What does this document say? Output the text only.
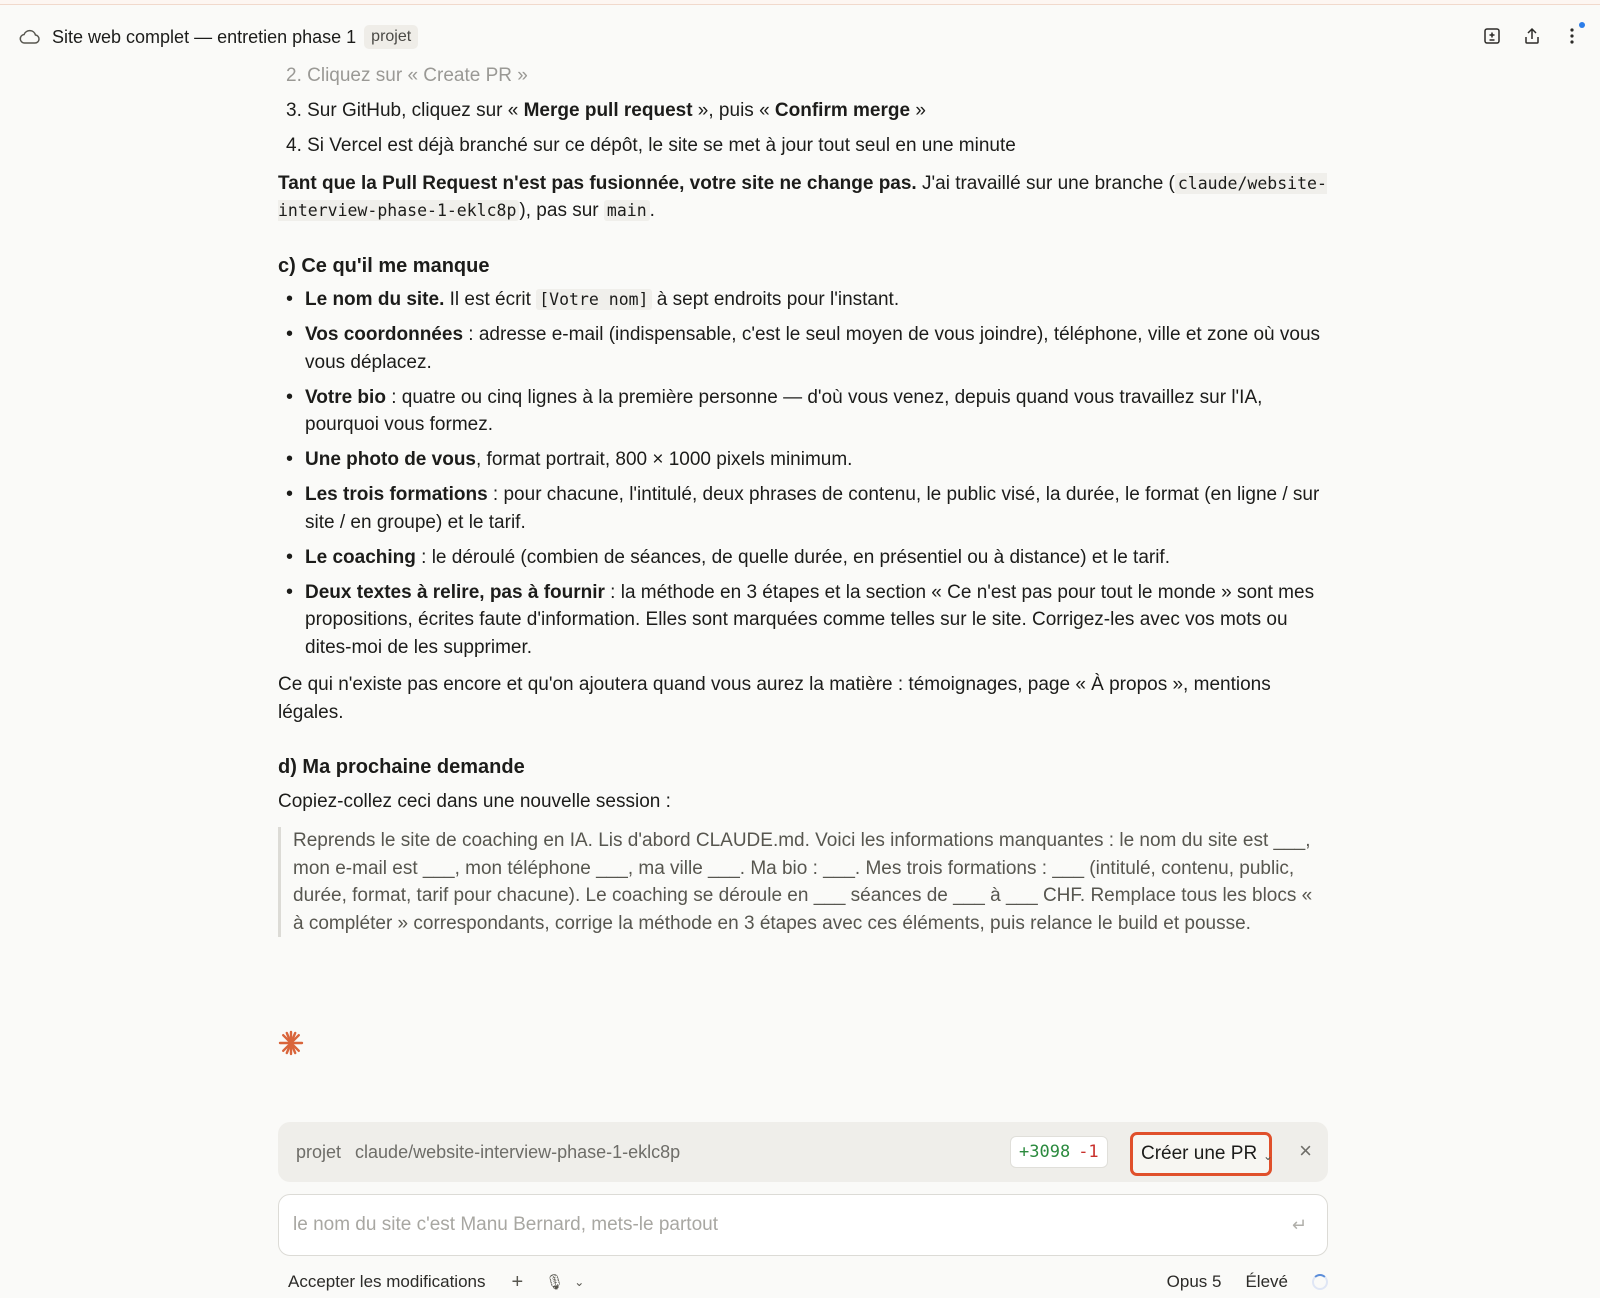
Site web complet — entretien phase 1 projet
2. Cliquez sur « Create PR »
3. Sur GitHub, cliquez sur « Merge pull request », puis « Confirm merge »
4. Si Vercel est déjà branché sur ce dépôt, le site se met à jour tout seul en une minute

Tant que la Pull Request n'est pas fusionnée, votre site ne change pas. J'ai travaillé sur une branche ( claude/website-interview-phase-1-eklc8p ), pas sur main .

c) Ce qu'il me manque
• Le nom du site. Il est écrit [Votre nom] à sept endroits pour l'instant.
• Vos coordonnées : adresse e-mail (indispensable, c'est le seul moyen de vous joindre), téléphone, ville et zone où vous vous déplacez.
• Votre bio : quatre ou cinq lignes à la première personne — d'où vous venez, depuis quand vous travaillez sur l'IA, pourquoi vous formez.
• Une photo de vous, format portrait, 800 × 1000 pixels minimum.
• Les trois formations : pour chacune, l'intitulé, deux phrases de contenu, le public visé, la durée, le format (en ligne / sur site / en groupe) et le tarif.
• Le coaching : le déroulé (combien de séances, de quelle durée, en présentiel ou à distance) et le tarif.
• Deux textes à relire, pas à fournir : la méthode en 3 étapes et la section « Ce n'est pas pour tout le monde » sont mes propositions, écrites faute d'information. Elles sont marquées comme telles sur le site. Corrigez-les avec vos mots ou dites-moi de les supprimer.

Ce qui n'existe pas encore et qu'on ajoutera quand vous aurez la matière : témoignages, page « À propos », mentions légales.

d) Ma prochaine demande

Copiez-collez ceci dans une nouvelle session :

Reprends le site de coaching en IA. Lis d'abord CLAUDE.md. Voici les informations manquantes : le nom du site est ___, mon e-mail est ___, mon téléphone ___, ma ville ___. Ma bio : ___. Mes trois formations : ___ (intitulé, contenu, public, durée, format, tarif pour chacune). Le coaching se déroule en ___ séances de ___ à ___ CHF. Remplace tous les blocs « à compléter » correspondants, corrige la méthode en 3 étapes avec ces éléments, puis relance le build et pousse.
projet claude/website-interview-phase-1-eklc8p	+3098 -1 Créer une PR ⌄ ×
le nom du site c'est Manu Bernard, mets-le partout
↵
Accepter les modifications + 🎙 ⌄	Opus 5 Élevé
